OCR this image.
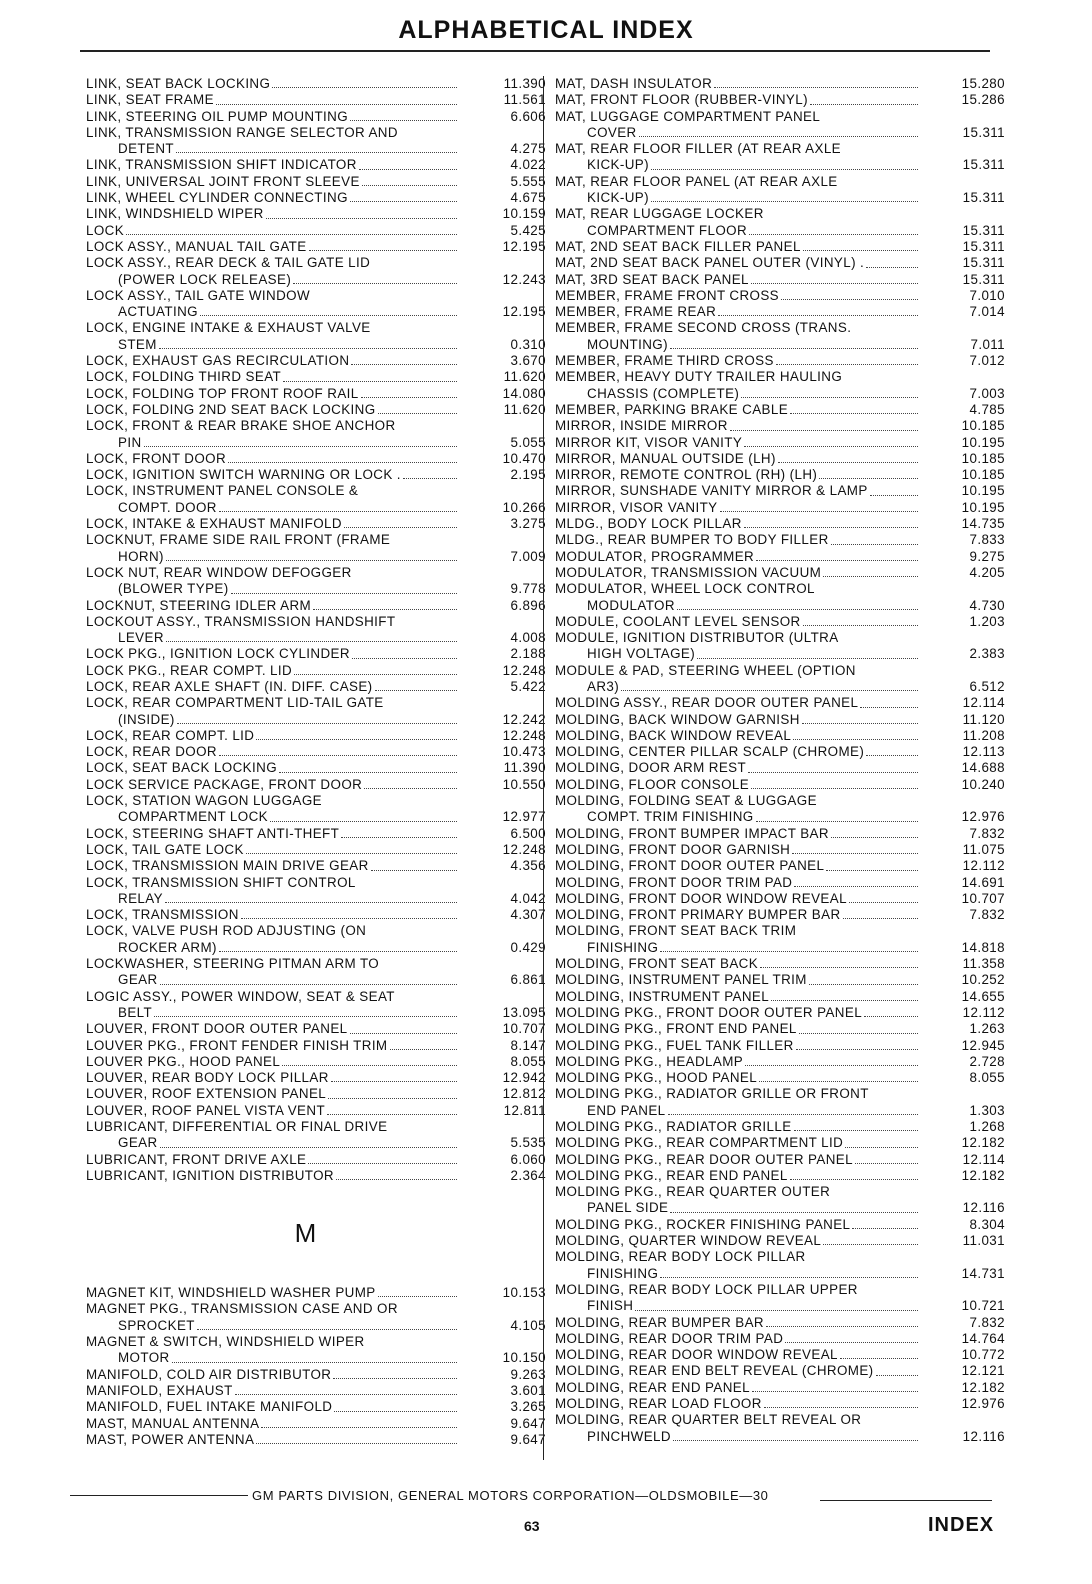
ALPHABETICAL INDEX
LINK, SEAT BACK LOCKING	11.390
LINK, SEAT FRAME	11.561
LINK, STEERING OIL PUMP MOUNTING	6.606
LINK, TRANSMISSION RANGE SELECTOR AND
DETENT	4.275
LINK, TRANSMISSION SHIFT INDICATOR	4.022
LINK, UNIVERSAL JOINT FRONT SLEEVE	5.555
LINK, WHEEL CYLINDER CONNECTING	4.675
LINK, WINDSHIELD WIPER	10.159
LOCK	5.425
LOCK ASSY., MANUAL TAIL GATE	12.195
LOCK ASSY., REAR DECK & TAIL GATE LID
(POWER LOCK RELEASE)	12.243
LOCK ASSY., TAIL GATE WINDOW
ACTUATING	12.195
LOCK, ENGINE INTAKE & EXHAUST VALVE
STEM	0.310
LOCK, EXHAUST GAS RECIRCULATION	3.670
LOCK, FOLDING THIRD SEAT	11.620
LOCK, FOLDING TOP FRONT ROOF RAIL	14.080
LOCK, FOLDING 2ND SEAT BACK LOCKING	11.620
LOCK, FRONT & REAR BRAKE SHOE ANCHOR
PIN	5.055
LOCK, FRONT DOOR	10.470
LOCK, IGNITION SWITCH WARNING OR LOCK .	2.195
LOCK, INSTRUMENT PANEL CONSOLE &
COMPT. DOOR	10.266
LOCK, INTAKE & EXHAUST MANIFOLD	3.275
LOCKNUT, FRAME SIDE RAIL FRONT (FRAME
HORN)	7.009
LOCK NUT, REAR WINDOW DEFOGGER
(BLOWER TYPE)	9.778
LOCKNUT, STEERING IDLER ARM	6.896
LOCKOUT ASSY., TRANSMISSION HANDSHIFT
LEVER	4.008
LOCK PKG., IGNITION LOCK CYLINDER	2.188
LOCK PKG., REAR COMPT. LID	12.248
LOCK, REAR AXLE SHAFT (IN. DIFF. CASE)	5.422
LOCK, REAR COMPARTMENT LID-TAIL GATE
(INSIDE)	12.242
LOCK, REAR COMPT. LID	12.248
LOCK, REAR DOOR	10.473
LOCK, SEAT BACK LOCKING	11.390
LOCK SERVICE PACKAGE, FRONT DOOR	10.550
LOCK, STATION WAGON LUGGAGE
COMPARTMENT LOCK	12.977
LOCK, STEERING SHAFT ANTI-THEFT	6.500
LOCK, TAIL GATE LOCK	12.248
LOCK, TRANSMISSION MAIN DRIVE GEAR	4.356
LOCK, TRANSMISSION SHIFT CONTROL
RELAY	4.042
LOCK, TRANSMISSION	4.307
LOCK, VALVE PUSH ROD ADJUSTING (ON
ROCKER ARM)	0.429
LOCKWASHER, STEERING PITMAN ARM TO
GEAR	6.861
LOGIC ASSY., POWER WINDOW, SEAT & SEAT
BELT	13.095
LOUVER, FRONT DOOR OUTER PANEL	10.707
LOUVER PKG., FRONT FENDER FINISH TRIM	8.147
LOUVER PKG., HOOD PANEL	8.055
LOUVER, REAR BODY LOCK PILLAR	12.942
LOUVER, ROOF EXTENSION PANEL	12.812
LOUVER, ROOF PANEL VISTA VENT	12.811
LUBRICANT, DIFFERENTIAL OR FINAL DRIVE
GEAR	5.535
LUBRICANT, FRONT DRIVE AXLE	6.060
LUBRICANT, IGNITION DISTRIBUTOR	2.364
M
MAGNET KIT, WINDSHIELD WASHER PUMP	10.153
MAGNET PKG., TRANSMISSION CASE AND OR
SPROCKET	4.105
MAGNET & SWITCH, WINDSHIELD WIPER
MOTOR	10.150
MANIFOLD, COLD AIR DISTRIBUTOR	9.263
MANIFOLD, EXHAUST	3.601
MANIFOLD, FUEL INTAKE MANIFOLD	3.265
MAST, MANUAL ANTENNA	9.647
MAST, POWER ANTENNA	9.647
MAT, DASH INSULATOR	15.280
MAT, FRONT FLOOR (RUBBER-VINYL)	15.286
MAT, LUGGAGE COMPARTMENT PANEL
COVER	15.311
MAT, REAR FLOOR FILLER (AT REAR AXLE
KICK-UP)	15.311
MAT, REAR FLOOR PANEL (AT REAR AXLE
KICK-UP)	15.311
MAT, REAR LUGGAGE LOCKER
COMPARTMENT FLOOR	15.311
MAT, 2ND SEAT BACK FILLER PANEL	15.311
MAT, 2ND SEAT BACK PANEL OUTER (VINYL) .	15.311
MAT, 3RD SEAT BACK PANEL	15.311
MEMBER, FRAME FRONT CROSS	7.010
MEMBER, FRAME REAR	7.014
MEMBER, FRAME SECOND CROSS (TRANS.
MOUNTING)	7.011
MEMBER, FRAME THIRD CROSS	7.012
MEMBER, HEAVY DUTY TRAILER HAULING
CHASSIS (COMPLETE)	7.003
MEMBER, PARKING BRAKE CABLE	4.785
MIRROR, INSIDE MIRROR	10.185
MIRROR KIT, VISOR VANITY	10.195
MIRROR, MANUAL OUTSIDE (LH)	10.185
MIRROR, REMOTE CONTROL (RH) (LH)	10.185
MIRROR, SUNSHADE VANITY MIRROR & LAMP	10.195
MIRROR, VISOR VANITY	10.195
MLDG., BODY LOCK PILLAR	14.735
MLDG., REAR BUMPER TO BODY FILLER	7.833
MODULATOR, PROGRAMMER	9.275
MODULATOR, TRANSMISSION VACUUM	4.205
MODULATOR, WHEEL LOCK CONTROL
MODULATOR	4.730
MODULE, COOLANT LEVEL SENSOR	1.203
MODULE, IGNITION DISTRIBUTOR (ULTRA
HIGH VOLTAGE)	2.383
MODULE & PAD, STEERING WHEEL (OPTION
AR3)	6.512
MOLDING ASSY., REAR DOOR OUTER PANEL	12.114
MOLDING, BACK WINDOW GARNISH	11.120
MOLDING, BACK WINDOW REVEAL	11.208
MOLDING, CENTER PILLAR SCALP (CHROME)	12.113
MOLDING, DOOR ARM REST	14.688
MOLDING, FLOOR CONSOLE	10.240
MOLDING, FOLDING SEAT & LUGGAGE
COMPT. TRIM FINISHING	12.976
MOLDING, FRONT BUMPER IMPACT BAR	7.832
MOLDING, FRONT DOOR GARNISH	11.075
MOLDING, FRONT DOOR OUTER PANEL	12.112
MOLDING, FRONT DOOR TRIM PAD	14.691
MOLDING, FRONT DOOR WINDOW REVEAL	10.707
MOLDING, FRONT PRIMARY BUMPER BAR	7.832
MOLDING, FRONT SEAT BACK TRIM
FINISHING	14.818
MOLDING, FRONT SEAT BACK	11.358
MOLDING, INSTRUMENT PANEL TRIM	10.252
MOLDING, INSTRUMENT PANEL	14.655
MOLDING PKG., FRONT DOOR OUTER PANEL	12.112
MOLDING PKG., FRONT END PANEL	1.263
MOLDING PKG., FUEL TANK FILLER	12.945
MOLDING PKG., HEADLAMP	2.728
MOLDING PKG., HOOD PANEL	8.055
MOLDING PKG., RADIATOR GRILLE OR FRONT
END PANEL	1.303
MOLDING PKG., RADIATOR GRILLE	1.268
MOLDING PKG., REAR COMPARTMENT LID	12.182
MOLDING PKG., REAR DOOR OUTER PANEL	12.114
MOLDING PKG., REAR END PANEL	12.182
MOLDING PKG., REAR QUARTER OUTER
PANEL SIDE	12.116
MOLDING PKG., ROCKER FINISHING PANEL	8.304
MOLDING, QUARTER WINDOW REVEAL	11.031
MOLDING, REAR BODY LOCK PILLAR
FINISHING	14.731
MOLDING, REAR BODY LOCK PILLAR UPPER
FINISH	10.721
MOLDING, REAR BUMPER BAR	7.832
MOLDING, REAR DOOR TRIM PAD	14.764
MOLDING, REAR DOOR WINDOW REVEAL	10.772
MOLDING, REAR END BELT REVEAL (CHROME)	12.121
MOLDING, REAR END PANEL	12.182
MOLDING, REAR LOAD FLOOR	12.976
MOLDING, REAR QUARTER BELT REVEAL OR
PINCHWELD	12.116
GM PARTS DIVISION, GENERAL MOTORS CORPORATION—OLDSMOBILE—30
63	INDEX
